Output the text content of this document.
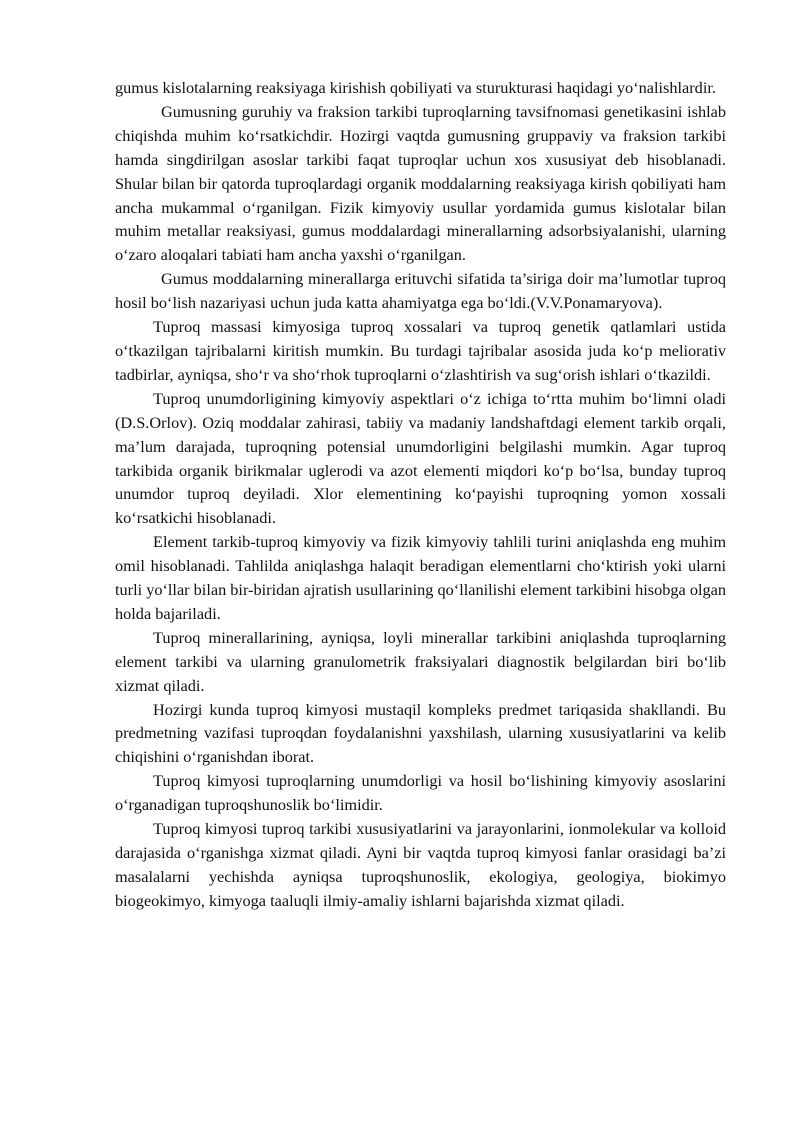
gumus kislotalarning reaksiyaga kirishish qobiliyati va sturukturasi haqidagi yo‘nalishlardir.

Gumusning guruhiy va fraksion tarkibi tuproqlarning tavsifnomasi genetikasini ishlab chiqishda muhim ko‘rsatkichdir. Hozirgi vaqtda gumusning gruppaviy va fraksion tarkibi hamda singdirilgan asoslar tarkibi faqat tuproqlar uchun xos xususiyat deb hisoblanadi. Shular bilan bir qatorda tuproqlardagi organik moddalarning reaksiyaga kirish qobiliyati ham ancha mukammal o‘rganilgan. Fizik kimyoviy usullar yordamida gumus kislotalar bilan muhim metallar reaksiyasi, gumus moddalardagi minerallarning adsorbsiyalanishi, ularning o‘zaro aloqalari tabiati ham ancha yaxshi o‘rganilgan.

Gumus moddalarning minerallarga erituvchi sifatida ta’siriga doir ma’lumotlar tuproq hosil bo‘lish nazariyasi uchun juda katta ahamiyatga ega bo‘ldi.(V.V.Ponamaryova).

Tuproq massasi kimyosiga tuproq xossalari va tuproq genetik qatlamlari ustida o‘tkazilgan tajribalarni kiritish mumkin. Bu turdagi tajribalar asosida juda ko‘p meliorativ tadbirlar, ayniqsa, sho‘r va sho‘rhok tuproqlarni o‘zlashtirish va sug‘orish ishlari o‘tkazildi.

Tuproq unumdorligining kimyoviy aspektlari o‘z ichiga to‘rtta muhim bo‘limni oladi (D.S.Orlov). Oziq moddalar zahirasi, tabiiy va madaniy landshaftdagi element tarkib orqali, ma’lum darajada, tuproqning potensial unumdorligini belgilashi mumkin. Agar tuproq tarkibida organik birikmalar uglerodi va azot elementi miqdori ko‘p bo‘lsa, bunday tuproq unumdor tuproq deyiladi. Xlor elementining ko‘payishi tuproqning yomon xossali ko‘rsatkichi hisoblanadi.

Element tarkib-tuproq kimyoviy va fizik kimyoviy tahlili turini aniqlashda eng muhim omil hisoblanadi. Tahlilda aniqlashga halaqit beradigan elementlarni cho‘ktirish yoki ularni turli yo‘llar bilan bir-biridan ajratish usullarining qo‘llanilishi element tarkibini hisobga olgan holda bajariladi.

Tuproq minerallarining, ayniqsa, loyli minerallar tarkibini aniqlashda tuproqlarning element tarkibi va ularning granulometrik fraksiyalari diagnostik belgilardan biri bo‘lib xizmat qiladi.

Hozirgi kunda tuproq kimyosi mustaqil kompleks predmet tariqasida shakllandi. Bu predmetning vazifasi tuproqdan foydalanishni yaxshilash, ularning xususiyatlarini va kelib chiqishini o‘rganishdan iborat.

Tuproq kimyosi tuproqlarning unumdorligi va hosil bo‘lishining kimyoviy asoslarini o‘rganadigan tuproqshunoslik bo‘limidir.

Tuproq kimyosi tuproq tarkibi xususiyatlarini va jarayonlarini, ionmolekular va kolloid darajasida o‘rganishga xizmat qiladi. Ayni bir vaqtda tuproq kimyosi fanlar orasidagi ba’zi masalalarni yechishda ayniqsa tuproqshunoslik, ekologiya, geologiya, biokimyo biogeokimyo, kimyoga taaluqli ilmiy-amaliy ishlarni bajarishda xizmat qiladi.
